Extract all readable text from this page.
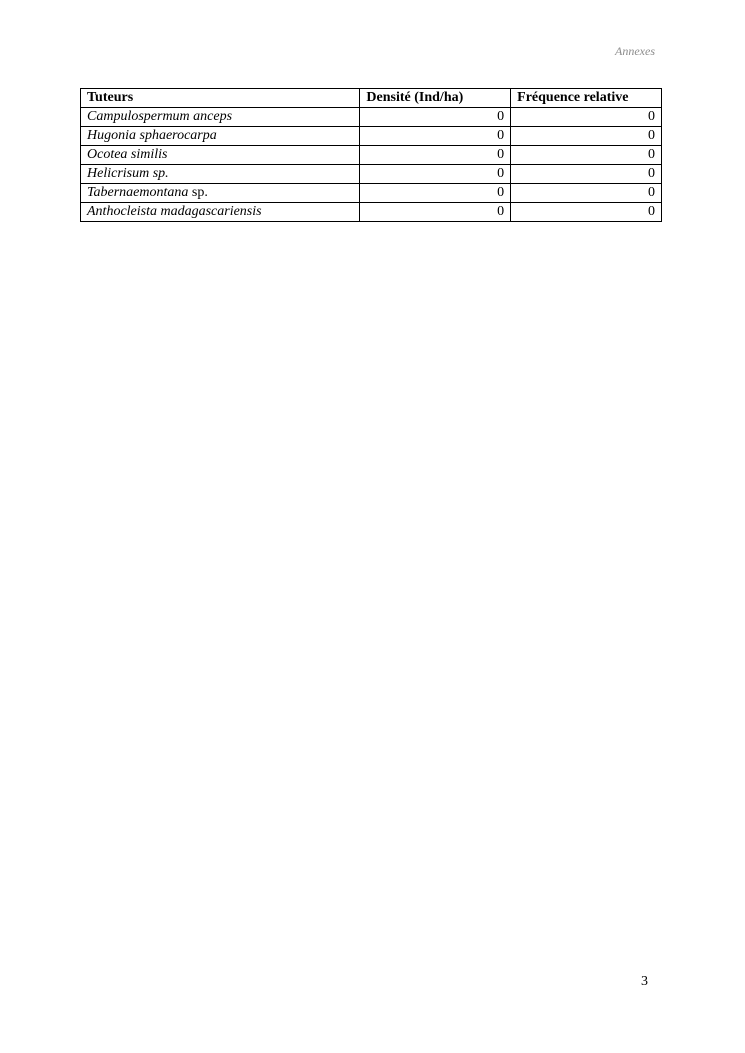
Annexes
Tuteurs	Densité (Ind/ha)	Fréquence relative
Campulospermum anceps	0	0
Hugonia sphaerocarpa	0	0
Ocotea similis	0	0
Helicrisum sp.	0	0
Tabernaemontana sp.	0	0
Anthocleista madagascariensis	0	0
3
